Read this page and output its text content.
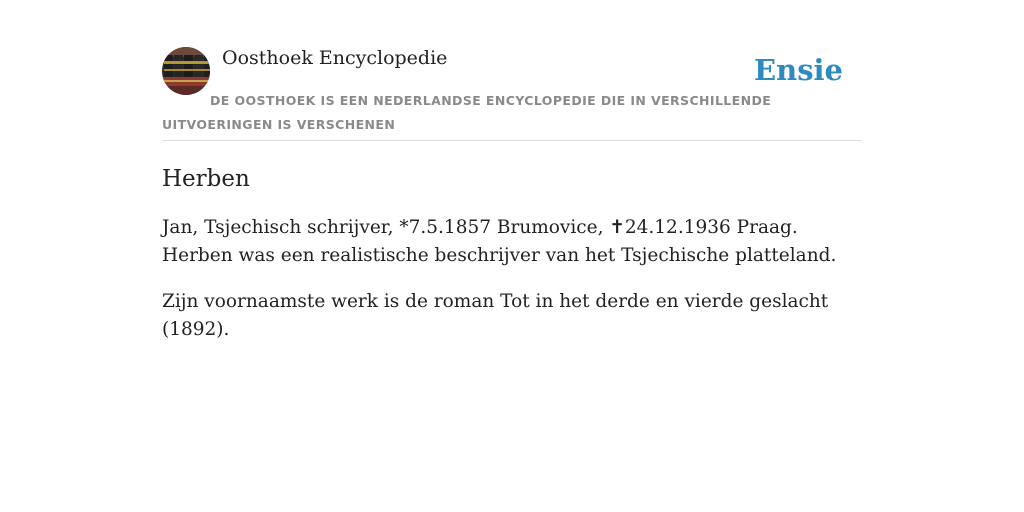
Oosthoek Encyclopedie	Ensie
DE OOSTHOEK IS EEN NEDERLANDSE ENCYCLOPEDIE DIE IN VERSCHILLENDE UITVOERINGEN IS VERSCHENEN
Herben

Jan, Tsjechisch schrijver, *7.5.1857 Brumovice, ✝24.12.1936 Praag. Herben was een realistische beschrijver van het Tsjechische platteland.

Zijn voornaamste werk is de roman Tot in het derde en vierde geslacht (1892).
